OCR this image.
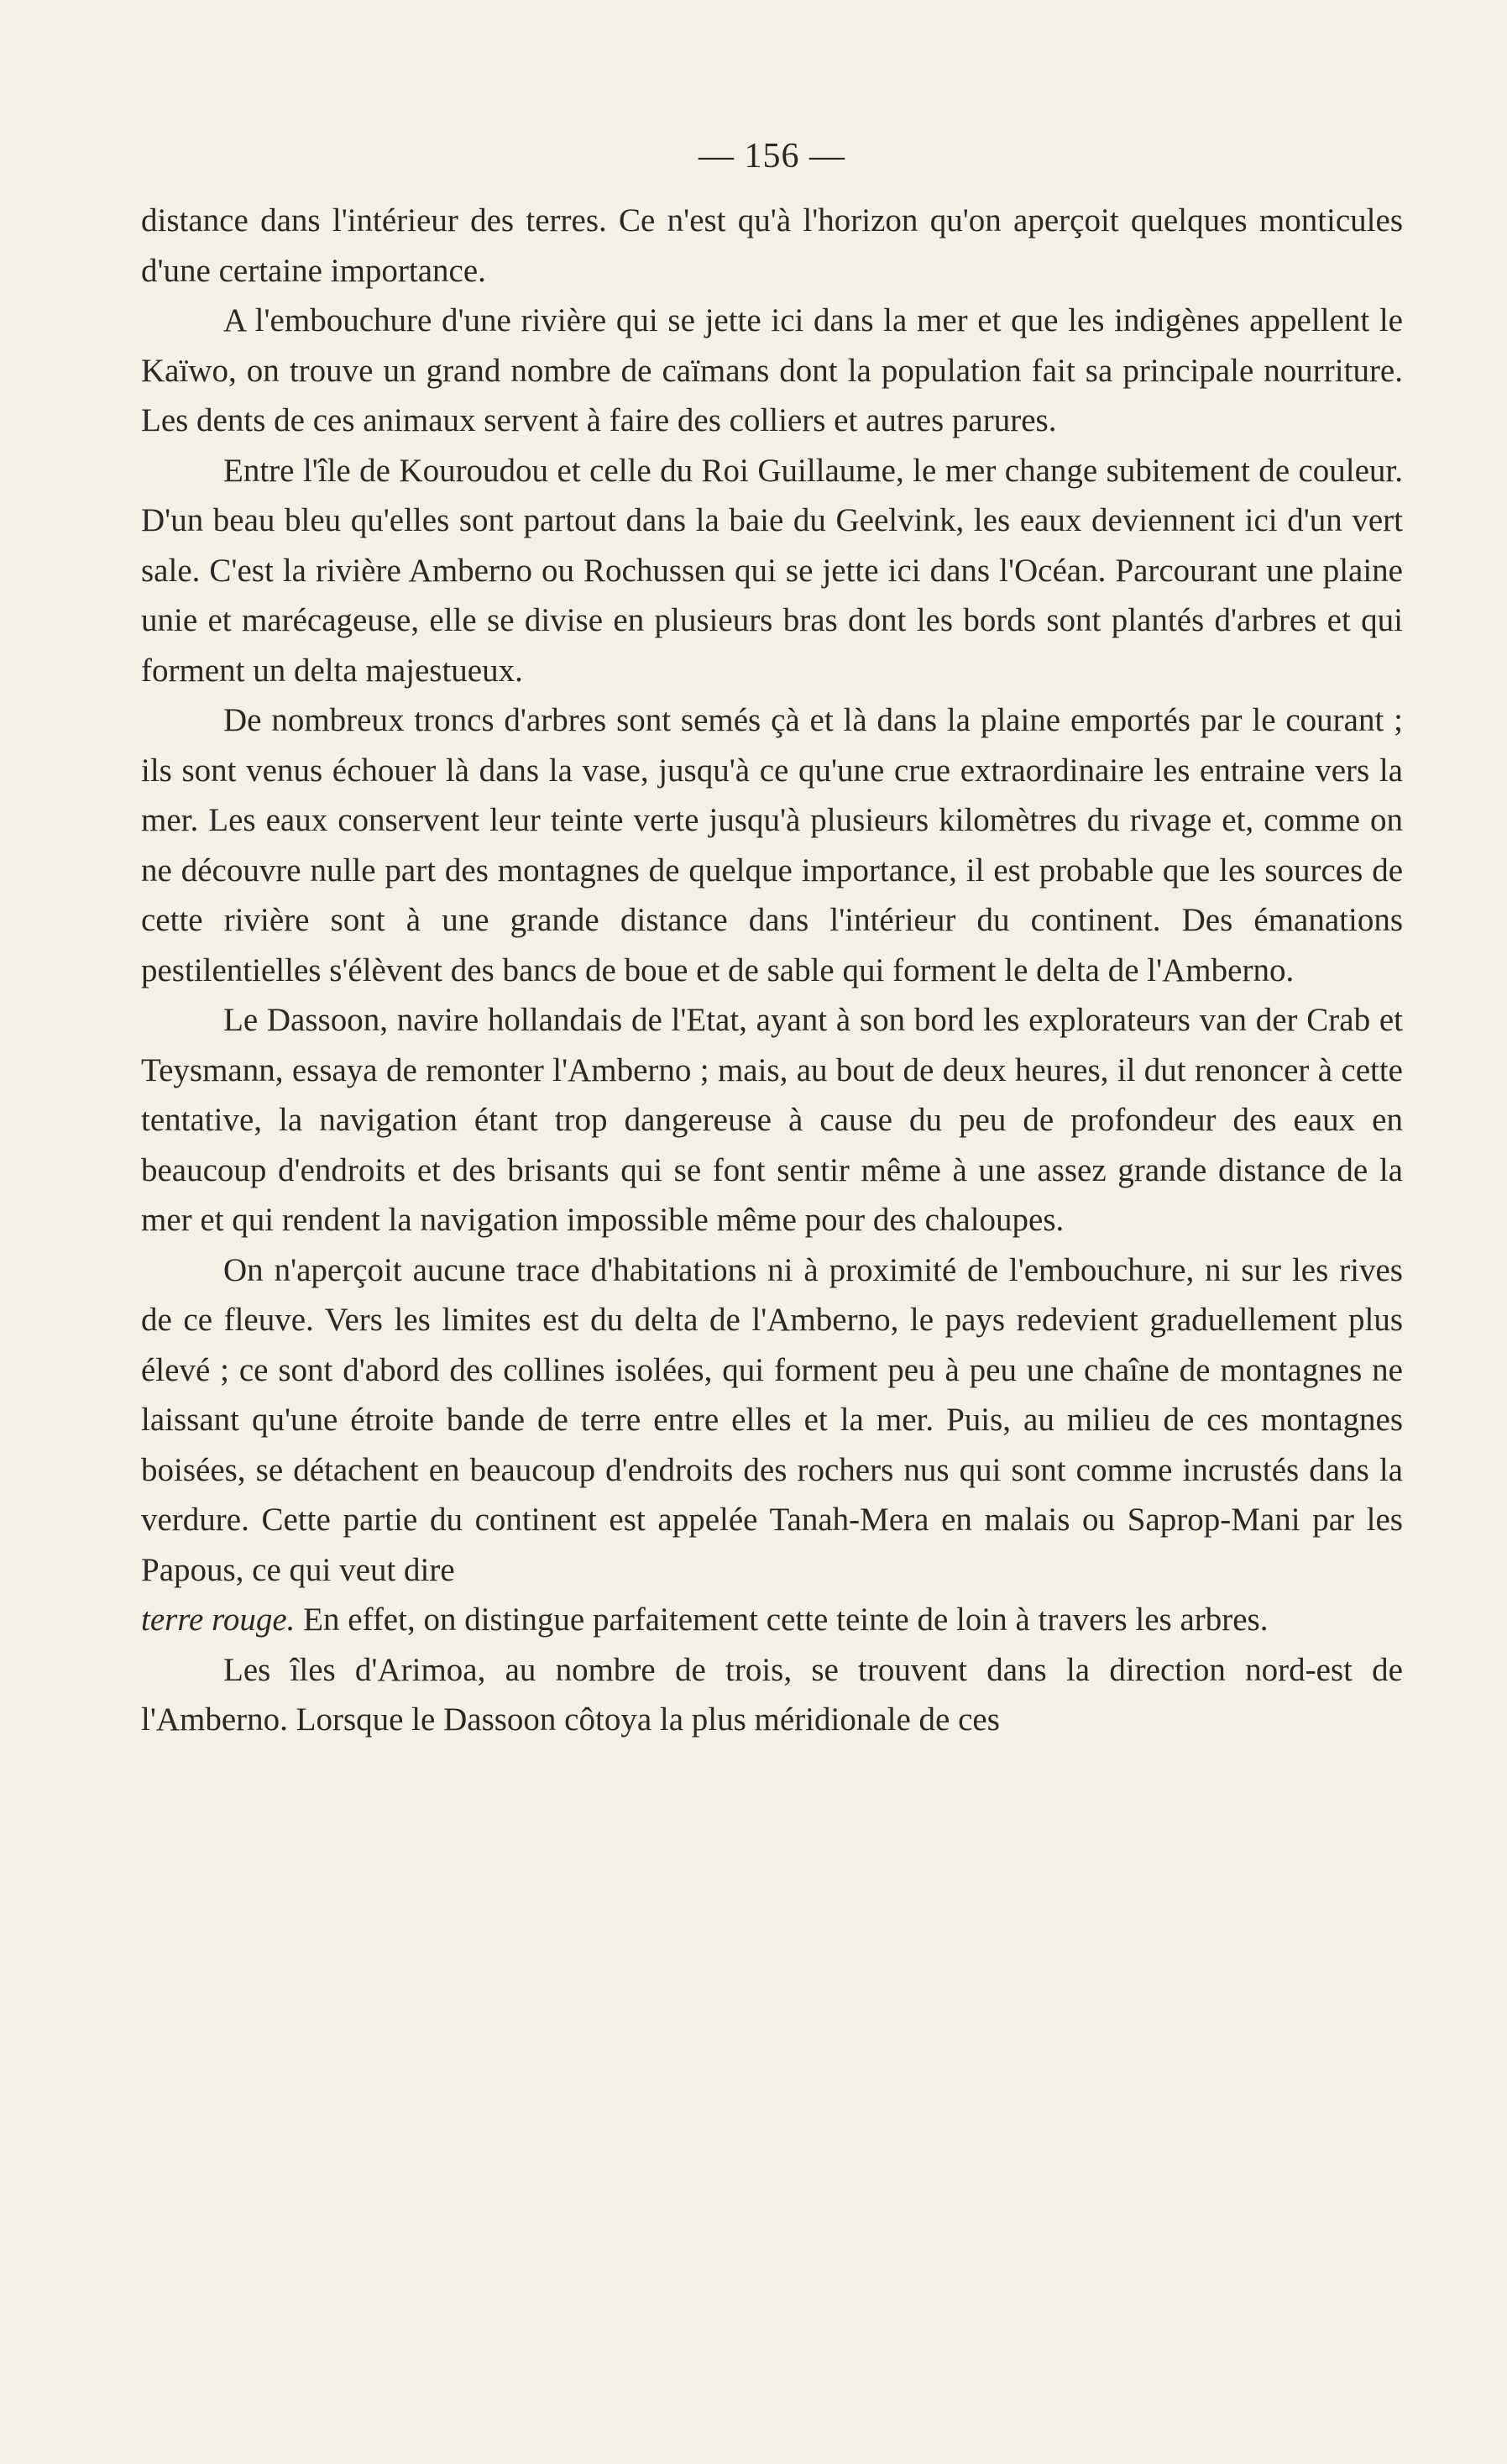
— 156 —

distance dans l'intérieur des terres. Ce n'est qu'à l'horizon qu'on aperçoit quelques monticules d'une certaine importance.

A l'embouchure d'une rivière qui se jette ici dans la mer et que les indigènes appellent le Kaïwo, on trouve un grand nombre de caïmans dont la population fait sa principale nourriture. Les dents de ces animaux servent à faire des colliers et autres parures.

Entre l'île de Kouroudou et celle du Roi Guillaume, le mer change subitement de couleur. D'un beau bleu qu'elles sont partout dans la baie du Geelvink, les eaux deviennent ici d'un vert sale. C'est la rivière Amberno ou Rochussen qui se jette ici dans l'Océan. Parcourant une plaine unie et marécageuse, elle se divise en plusieurs bras dont les bords sont plantés d'arbres et qui forment un delta majestueux.

De nombreux troncs d'arbres sont semés çà et là dans la plaine emportés par le courant ; ils sont venus échouer là dans la vase, jusqu'à ce qu'une crue extraordinaire les entraine vers la mer. Les eaux conservent leur teinte verte jusqu'à plusieurs kilomètres du rivage et, comme on ne découvre nulle part des montagnes de quelque importance, il est probable que les sources de cette rivière sont à une grande distance dans l'intérieur du continent. Des émanations pestilentielles s'élèvent des bancs de boue et de sable qui forment le delta de l'Amberno.

Le Dassoon, navire hollandais de l'Etat, ayant à son bord les explorateurs van der Crab et Teysmann, essaya de remonter l'Amberno ; mais, au bout de deux heures, il dut renoncer à cette tentative, la navigation étant trop dangereuse à cause du peu de profondeur des eaux en beaucoup d'endroits et des brisants qui se font sentir même à une assez grande distance de la mer et qui rendent la navigation impossible même pour des chaloupes.

On n'aperçoit aucune trace d'habitations ni à proximité de l'embouchure, ni sur les rives de ce fleuve. Vers les limites est du delta de l'Amberno, le pays redevient graduellement plus élevé ; ce sont d'abord des collines isolées, qui forment peu à peu une chaîne de montagnes ne laissant qu'une étroite bande de terre entre elles et la mer. Puis, au milieu de ces montagnes boisées, se détachent en beaucoup d'endroits des rochers nus qui sont comme incrustés dans la verdure. Cette partie du continent est appelée Tanah-Mera en malais ou Saprop-Mani par les Papous, ce qui veut dire

terre rouge. En effet, on distingue parfaitement cette teinte de loin à travers les arbres.

Les îles d'Arimoa, au nombre de trois, se trouvent dans la direction nord-est de l'Amberno. Lorsque le Dassoon côtoya la plus méridionale de ces
